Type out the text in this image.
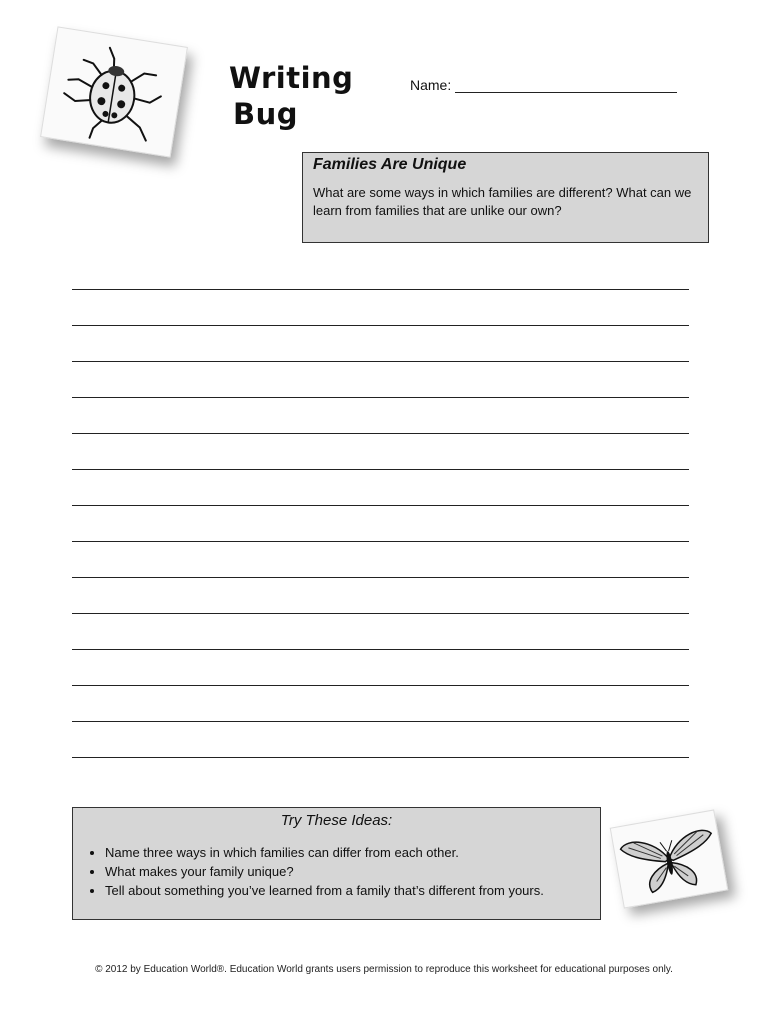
Writing
Bug
Name:

Families Are Unique

What are some ways in which families are different? What can we learn from families that are unlike our own?

Try These Ideas:

• Name three ways in which families can differ from each other.
• What makes your family unique?
• Tell about something you’ve learned from a family that’s different from yours.
© 2012 by Education World®. Education World grants users permission to reproduce this worksheet for educational purposes only.
